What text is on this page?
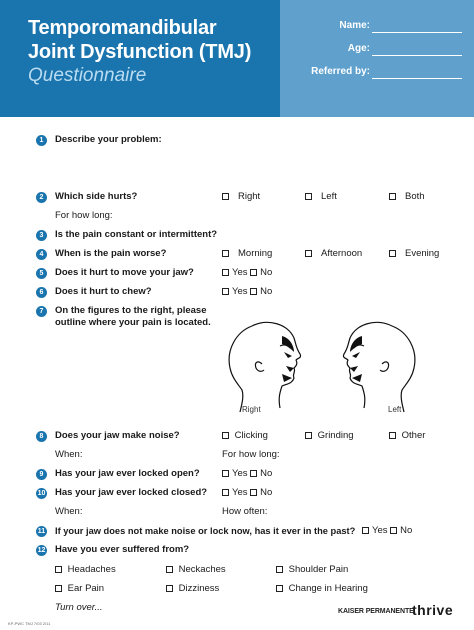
Temporomandibular
Joint Dysfunction (TMJ)
Questionnaire
Name:
Age:
Referred by:
1	Describe your problem:
2	Which side hurts?	Right	Left	Both
For how long:
3	Is the pain constant or intermittent?
4	When is the pain worse?	Morning	Afternoon	Evening
5	Does it hurt to move your jaw?	Yes No
6	Does it hurt to chew?	Yes No
7	On the figures to the right, please
outline where your pain is located.
Right	Left
8	Does your jaw make noise?	Clicking	Grinding	Other
When:	For how long:
9	Has your jaw ever locked open?	Yes No
10 Has your jaw ever locked closed?	Yes No
When:	How often:
11 If your jaw does not make noise or lock now, has it ever in the past?	Yes No
12 Have you ever suffered from?
Headaches	Neckaches	Shoulder Pain
Ear Pain	Dizziness	Change in Hearing
Turn over...
KP-PWC TMJ 7/03 2/11
KAISER PERMANENTE.
thrive
